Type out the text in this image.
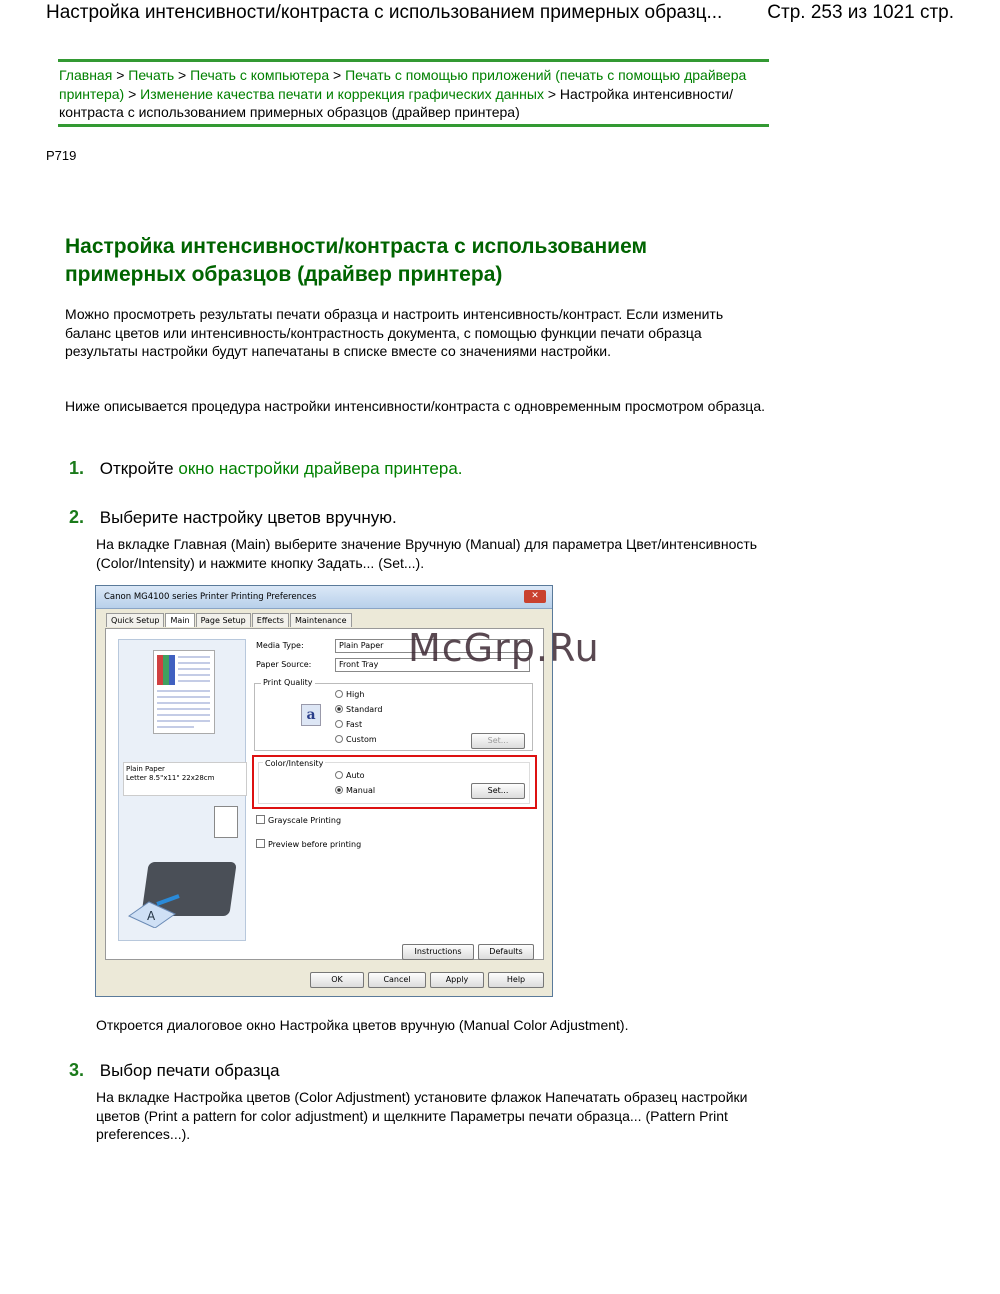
Настройка интенсивности/контраста с использованием примерных образц... Стр. 253 из 1021 стр.
Главная > Печать > Печать с компьютера > Печать с помощью приложений (печать с помощью драйвера принтера) > Изменение качества печати и коррекция графических данных > Настройка интенсивности/контраста с использованием примерных образцов (драйвер принтера)
P719
Настройка интенсивности/контраста с использованием примерных образцов (драйвер принтера)
Можно просмотреть результаты печати образца и настроить интенсивность/контраст. Если изменить баланс цветов или интенсивность/контрастность документа, с помощью функции печати образца результаты настройки будут напечатаны в списке вместе со значениями настройки.
Ниже описывается процедура настройки интенсивности/контраста с одновременным просмотром образца.
1. Откройте окно настройки драйвера принтера.
2. Выберите настройку цветов вручную.
На вкладке Главная (Main) выберите значение Вручную (Manual) для параметра Цвет/интенсивность (Color/Intensity) и нажмите кнопку Задать... (Set...).
Canon MG4100 series Printer Printing Preferences	✕
Quick Setup	Main	Page Setup	Effects	Maintenance
Plain Paper
Letter 8.5"x11" 22x28cm
A
Media Type:	Plain Paper
Paper Source:	Front Tray
Print Quality
a
High
Standard
Fast
Custom	Set...
Color/Intensity
Auto
Manual	Set...
Grayscale Printing
Preview before printing
Instructions	Defaults
OK	Cancel	Apply	Help
McGrp.Ru
Откроется диалоговое окно Настройка цветов вручную (Manual Color Adjustment).
3. Выбор печати образца
На вкладке Настройка цветов (Color Adjustment) установите флажок Напечатать образец настройки цветов (Print a pattern for color adjustment) и щелкните Параметры печати образца... (Pattern Print preferences...).
